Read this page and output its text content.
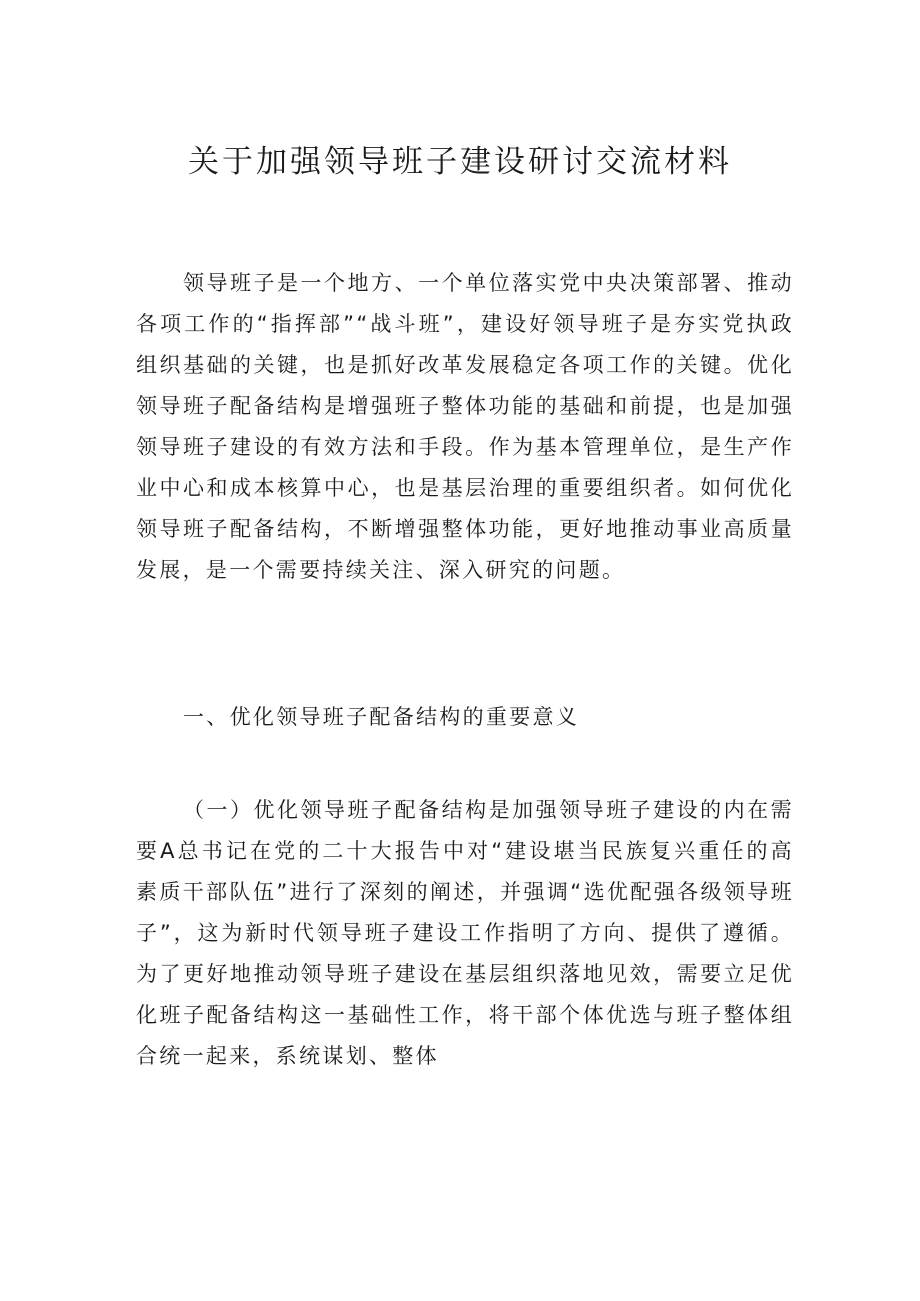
关于加强领导班子建设研讨交流材料

领导班子是一个地方、一个单位落实党中央决策部署、推动各项工作的“指挥部”“战斗班”，建设好领导班子是夯实党执政组织基础的关键，也是抓好改革发展稳定各项工作的关键。优化领导班子配备结构是增强班子整体功能的基础和前提，也是加强领导班子建设的有效方法和手段。作为基本管理单位，是生产作业中心和成本核算中心，也是基层治理的重要组织者。如何优化领导班子配备结构，不断增强整体功能，更好地推动事业高质量发展，是一个需要持续关注、深入研究的问题。

一、优化领导班子配备结构的重要意义

（一）优化领导班子配备结构是加强领导班子建设的内在需要A总书记在党的二十大报告中对“建设堪当民族复兴重任的高素质干部队伍”进行了深刻的阐述，并强调“选优配强各级领导班子”，这为新时代领导班子建设工作指明了方向、提供了遵循。为了更好地推动领导班子建设在基层组织落地见效，需要立足优化班子配备结构这一基础性工作，将干部个体优选与班子整体组合统一起来，系统谋划、整体
